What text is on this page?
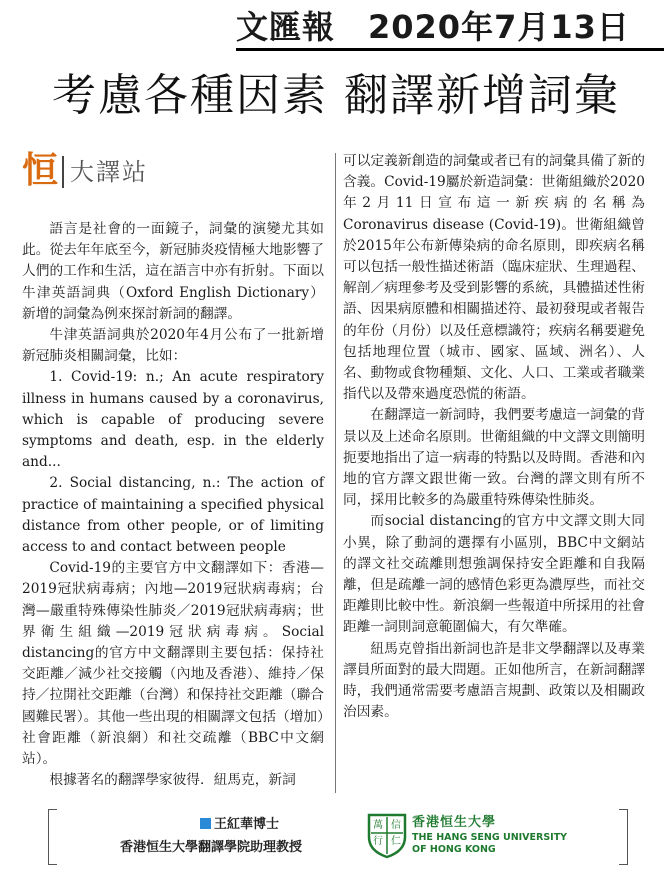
文匯報　2020年7月13日
考慮各種因素 翻譯新增詞彙
恒 大譯站

語言是社會的一面鏡子，詞彙的演變尤其如此。從去年年底至今，新冠肺炎疫情極大地影響了人們的工作和生活，這在語言中亦有折射。下面以牛津英語詞典（Oxford English Dictionary）新增的詞彙為例來探討新詞的翻譯。

牛津英語詞典於2020年4月公布了一批新增新冠肺炎相關詞彙，比如：

1. Covid-19: n.; An acute respiratory illness in humans caused by a coronavirus, which is capable of producing severe symptoms and death, esp. in the elderly and...

2. Social distancing, n.: The action of practice of maintaining a specified physical distance from other people, or of limiting access to and contact between people

Covid-19的主要官方中文翻譯如下：香港—2019冠狀病毒病；內地—2019冠狀病毒病；台灣—嚴重特殊傳染性肺炎／2019冠狀病毒病；世界衛生組織—2019冠狀病毒病。Social distancing的官方中文翻譯則主要包括：保持社交距離／減少社交接觸（內地及香港）、維持／保持／拉開社交距離（台灣）和保持社交距離（聯合國難民署）。其他一些出現的相關譯文包括（增加）社會距離（新浪網）和社交疏離（BBC中文網站）。

根據著名的翻譯學家彼得．紐馬克，新詞

可以定義新創造的詞彙或者已有的詞彙具備了新的含義。Covid-19屬於新造詞彙：世衛組織於2020年2月11日宣布這一新疾病的名稱為Coronavirus disease (Covid-19)。世衛組織曾於2015年公布新傳染病的命名原則，即疾病名稱可以包括一般性描述術語（臨床症狀、生理過程、解剖／病理參考及受到影響的系統，具體描述性術語、因果病原體和相關描述符、最初發現或者報告的年份（月份）以及任意標識符；疾病名稱要避免包括地理位置（城市、國家、區域、洲名）、人名、動物或食物種類、文化、人口、工業或者職業指代以及帶來過度恐慌的術語。

在翻譯這一新詞時，我們要考慮這一詞彙的背景以及上述命名原則。世衛組織的中文譯文則簡明扼要地指出了這一病毒的特點以及時間。香港和內地的官方譯文跟世衛一致。台灣的譯文則有所不同，採用比較多的為嚴重特殊傳染性肺炎。

而social distancing的官方中文譯文則大同小異，除了動詞的選擇有小區別，BBC中文網站的譯文社交疏離則想強調保持安全距離和自我隔離，但是疏離一詞的感情色彩更為濃厚些，而社交距離則比較中性。新浪網一些報道中所採用的社會距離一詞則詞意範圍偏大，有欠準確。

紐馬克曾指出新詞也許是非文學翻譯以及專業譯員所面對的最大問題。正如他所言，在新詞翻譯時，我們通常需要考慮語言規劃、政策以及相關政治因素。

王紅華博士
香港恒生大學翻譯學院助理教授
萬 信
行 仁
香港恒生大學
THE HANG SENG UNIVERSITY
OF HONG KONG
